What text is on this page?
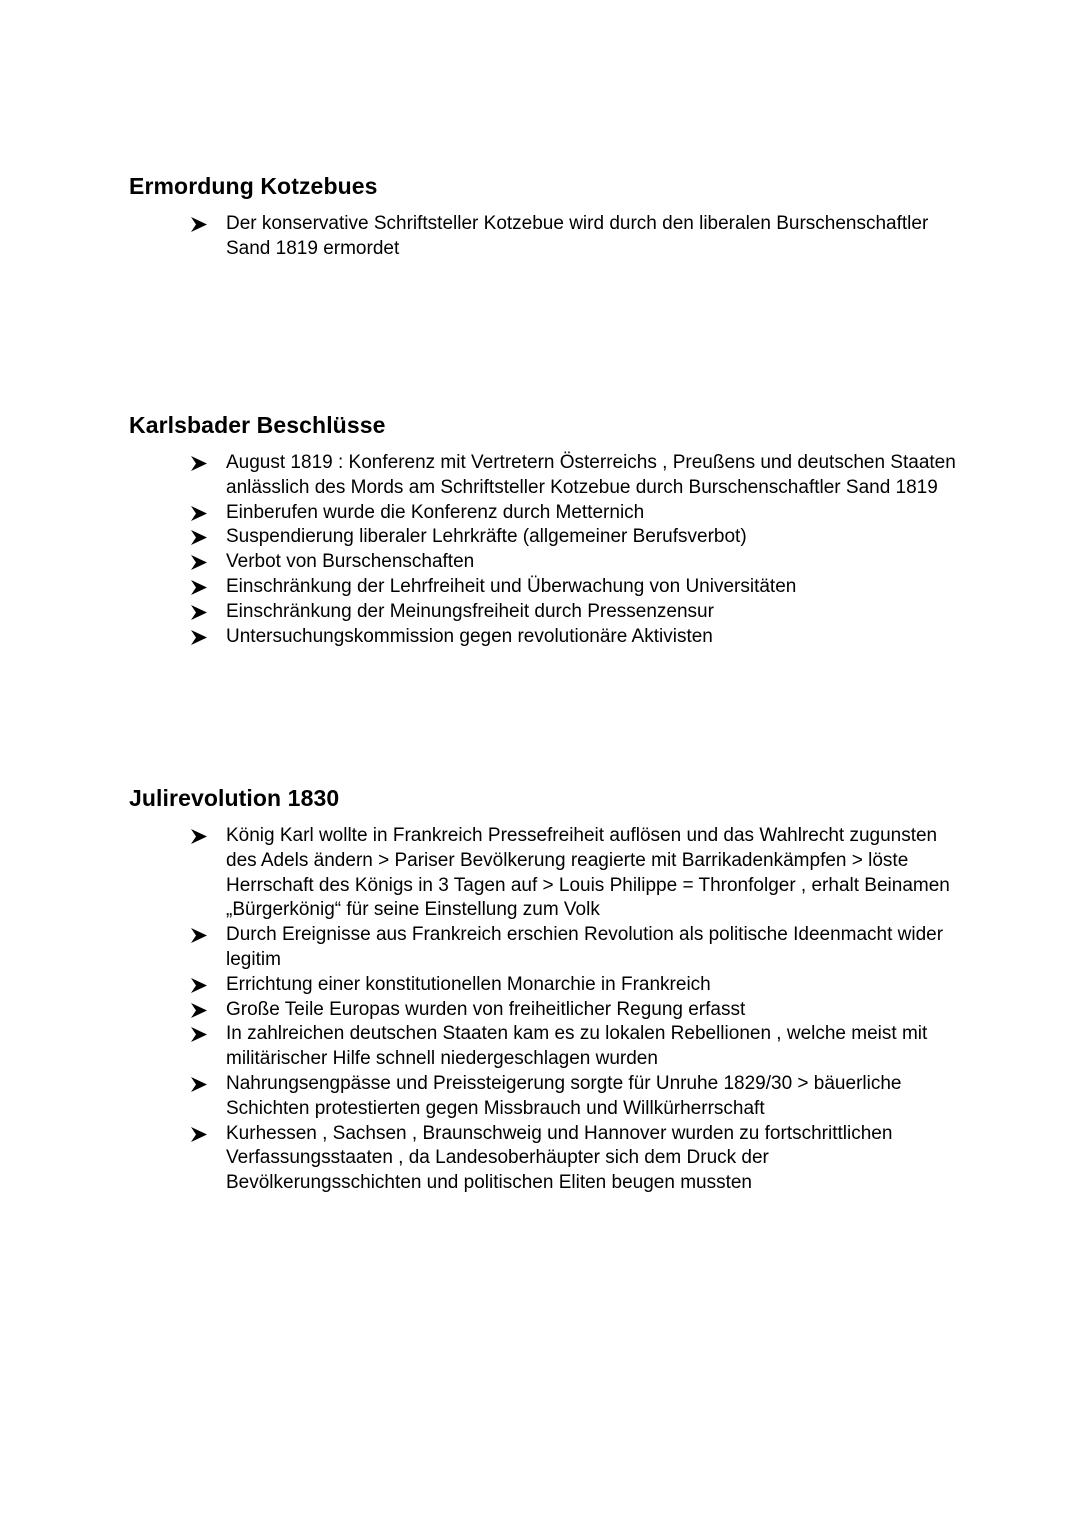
Ermordung Kotzebues
Der konservative Schriftsteller Kotzebue wird durch den liberalen Burschenschaftler Sand 1819 ermordet
Karlsbader Beschlüsse
August 1819 : Konferenz mit Vertretern Österreichs , Preußens und deutschen Staaten anlässlich des Mords am Schriftsteller Kotzebue durch Burschenschaftler Sand 1819
Einberufen wurde die Konferenz durch Metternich
Suspendierung liberaler Lehrkräfte (allgemeiner Berufsverbot)
Verbot von Burschenschaften
Einschränkung der Lehrfreiheit und Überwachung von Universitäten
Einschränkung der Meinungsfreiheit durch Pressenzensur
Untersuchungskommission gegen revolutionäre Aktivisten
Julirevolution 1830
König Karl wollte in Frankreich Pressefreiheit auflösen und das Wahlrecht zugunsten des Adels ändern > Pariser Bevölkerung reagierte mit Barrikadenkämpfen > löste Herrschaft des Königs in 3 Tagen auf > Louis Philippe = Thronfolger , erhalt Beinamen „Bürgerkönig“ für seine Einstellung zum Volk
Durch Ereignisse aus Frankreich erschien Revolution als politische Ideenmacht wider legitim
Errichtung einer konstitutionellen Monarchie in Frankreich
Große Teile Europas wurden von freiheitlicher Regung erfasst
In zahlreichen deutschen Staaten kam es zu lokalen Rebellionen , welche meist mit militärischer Hilfe schnell niedergeschlagen wurden
Nahrungsengpässe und Preissteigerung sorgte für Unruhe 1829/30 > bäuerliche Schichten protestierten gegen Missbrauch und Willkürherrschaft
Kurhessen , Sachsen , Braunschweig und Hannover wurden zu fortschrittlichen Verfassungsstaaten , da Landesoberhäupter sich dem Druck der Bevölkerungsschichten und politischen Eliten beugen mussten
